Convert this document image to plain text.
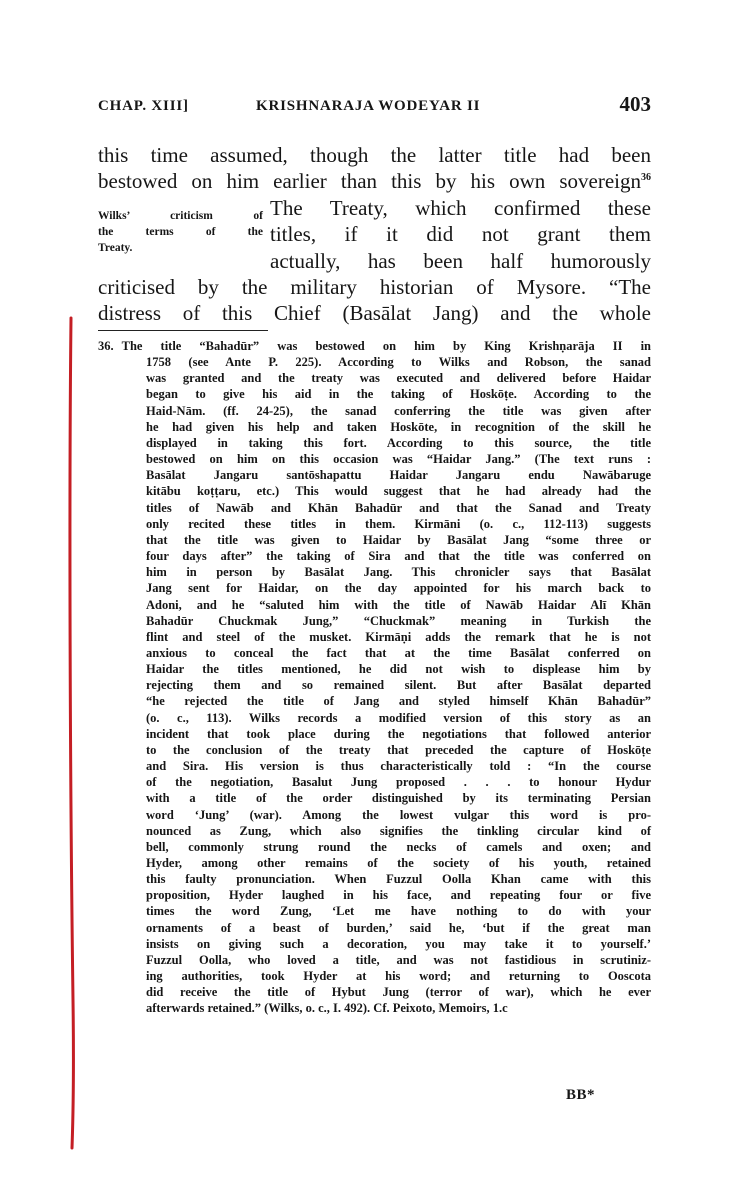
CHAP. XIII]	KRISHNARAJA WODEYAR II	403
this time assumed, though the latter title had been
bestowed on him earlier than this by his own sovereign$^{36}$
The Treaty, which confirmed these
titles, if it did not grant them
actually, has been half humorously
criticised by the military historian of Mysore. “The
distress of this Chief (Basālat Jang) and the whole
Wilks’ criticism of
the terms of the
Treaty.
36. The title “Bahadūr” was bestowed on him by King Krishṇarāja II in
1758 (see Ante P. 225). According to Wilks and Robson, the sanad
was granted and the treaty was executed and delivered before Haidar
began to give his aid in the taking of Hoskōṭe. According to the
Haid-Nām. (ff. 24-25), the sanad conferring the title was given after
he had given his help and taken Hoskōte, in recognition of the skill he
displayed in taking this fort. According to this source, the title
bestowed on him on this occasion was “Haidar Jang.” (The text runs :
Basālat Jangaru santōshapattu Haidar Jangaru endu Nawābaruge
kitābu koṭṭaru, etc.) This would suggest that he had already had the
titles of Nawāb and Khān Bahadūr and that the Sanad and Treaty
only recited these titles in them. Kirmāni (o. c., 112-113) suggests
that the title was given to Haidar by Basālat Jang “some three or
four days after” the taking of Sira and that the title was conferred on
him in person by Basālat Jang. This chronicler says that Basālat
Jang sent for Haidar, on the day appointed for his march back to
Adoni, and he “saluted him with the title of Nawāb Haidar Alī Khān
Bahadūr Chuckmak Jung,” “Chuckmak” meaning in Turkish the
flint and steel of the musket. Kirmāṇi adds the remark that he is not
anxious to conceal the fact that at the time Basālat conferred on
Haidar the titles mentioned, he did not wish to displease him by
rejecting them and so remained silent. But after Basālat departed
“he rejected the title of Jang and styled himself Khān Bahadūr”
(o. c., 113). Wilks records a modified version of this story as an
incident that took place during the negotiations that followed anterior
to the conclusion of the treaty that preceded the capture of Hoskōṭe
and Sira. His version is thus characteristically told : “In the course
of the negotiation, Basalut Jung proposed . . . to honour Hydur
with a title of the order distinguished by its terminating Persian
word ‘Jung’ (war). Among the lowest vulgar this word is pro-
nounced as Zung, which also signifies the tinkling circular kind of
bell, commonly strung round the necks of camels and oxen; and
Hyder, among other remains of the society of his youth, retained
this faulty pronunciation. When Fuzzul Oolla Khan came with this
proposition, Hyder laughed in his face, and repeating four or five
times the word Zung, ‘Let me have nothing to do with your
ornaments of a beast of burden,’ said he, ‘but if the great man
insists on giving such a decoration, you may take it to yourself.’
Fuzzul Oolla, who loved a title, and was not fastidious in scrutiniz-
ing authorities, took Hyder at his word; and returning to Ooscota
did receive the title of Hybut Jung (terror of war), which he ever
afterwards retained.” (Wilks, o. c., I. 492). Cf. Peixoto, Memoirs, 1.c
BB*
